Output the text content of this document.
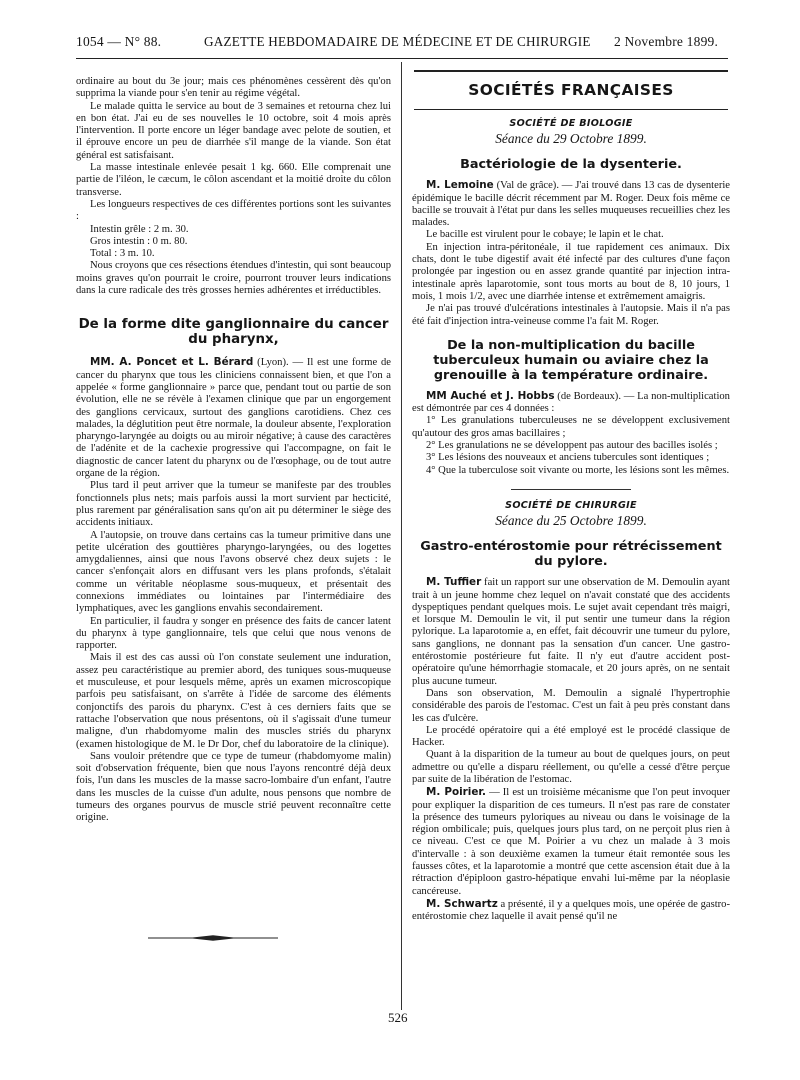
1054 — N° 88.	GAZETTE HEBDOMADAIRE DE MÉDECINE ET DE CHIRURGIE 2 Novembre 1899.

ordinaire au bout du 3e jour; mais ces phénomènes cessèrent dès qu'on supprima la viande pour s'en tenir au régime végétal.

Le malade quitta le service au bout de 3 semaines et retourna chez lui en bon état. J'ai eu de ses nouvelles le 10 octobre, soit 4 mois après l'intervention. Il porte encore un léger bandage avec pelote de soutien, et il éprouve encore un peu de diarrhée s'il mange de la viande. Son état général est satisfaisant.

La masse intestinale enlevée pesait 1 kg. 660. Elle comprenait une partie de l'iléon, le cæcum, le côlon ascendant et la moitié droite du côlon transverse.

Les longueurs respectives de ces différentes portions sont les suivantes :

Intestin grêle : 2 m. 30.

Gros intestin : 0 m. 80.

Total : 3 m. 10.

Nous croyons que ces résections étendues d'intestin, qui sont beaucoup moins graves qu'on pourrait le croire, pourront trouver leurs indications dans la cure radicale des très grosses hernies adhérentes et irréductibles.

De la forme dite ganglionnaire du cancer du pharynx,

MM. A. Poncet et L. Bérard (Lyon). — Il est une forme de cancer du pharynx que tous les cliniciens connaissent bien, et que l'on a appelée « forme ganglionnaire » parce que, pendant tout ou partie de son évolution, elle ne se révèle à l'examen clinique que par un engorgement des ganglions cervicaux, surtout des ganglions carotidiens. Chez ces malades, la déglutition peut être normale, la douleur absente, l'exploration pharyngo-laryngée au doigts ou au miroir négative; à cause des caractères de l'adénite et de la cachexie progressive qui l'accompagne, on fait le diagnostic de cancer latent du pharynx ou de l'œsophage, ou de tout autre organe de la région.

Plus tard il peut arriver que la tumeur se manifeste par des troubles fonctionnels plus nets; mais parfois aussi la mort survient par hecticité, plus rarement par généralisation sans qu'on ait pu déterminer le siège des accidents initiaux.

A l'autopsie, on trouve dans certains cas la tumeur primitive dans une petite ulcération des gouttières pharyngo-laryngées, ou des logettes amygdaliennes, ainsi que nous l'avons observé chez deux sujets : le cancer s'enfonçait alors en diffusant vers les plans profonds, s'étalait comme un véritable néoplasme sous-muqueux, et présentait des connexions immédiates ou lointaines par l'intermédiaire des lymphatiques, avec les ganglions envahis secondairement.

En particulier, il faudra y songer en présence des faits de cancer latent du pharynx à type ganglionnaire, tels que celui que nous venons de rapporter.

Mais il est des cas aussi où l'on constate seulement une induration, assez peu caractéristique au premier abord, des tuniques sous-muqueuse et musculeuse, et pour lesquels même, après un examen microscopique parfois peu satisfaisant, on s'arrête à l'idée de sarcome des éléments conjonctifs des parois du pharynx. C'est à ces derniers faits que se rattache l'observation que nous présentons, où il s'agissait d'une tumeur maligne, d'un rhabdomyome malin des muscles striés du pharynx (examen histologique de M. le Dr Dor, chef du laboratoire de la clinique).

Sans vouloir prétendre que ce type de tumeur (rhabdomyome malin) soit d'observation fréquente, bien que nous l'ayons rencontré déjà deux fois, l'un dans les muscles de la masse sacro-lombaire d'un enfant, l'autre dans les muscles de la cuisse d'un adulte, nous pensons que nombre de tumeurs des organes pourvus de muscle strié peuvent reconnaître cette origine.

SOCIÉTÉS FRANÇAISES
SOCIÉTÉ DE BIOLOGIE
Séance du 29 Octobre 1899.
Bactériologie de la dysenterie.

M. Lemoine (Val de grâce). — J'ai trouvé dans 13 cas de dysenterie épidémique le bacille décrit récemment par M. Roger. Deux fois même ce bacille se trouvait à l'état pur dans les selles muqueuses recueillies chez les malades.

Le bacille est virulent pour le cobaye; le lapin et le chat.

En injection intra-péritonéale, il tue rapidement ces animaux. Dix chats, dont le tube digestif avait été infecté par des cultures d'une façon prolongée par ingestion ou en assez grande quantité par injection intra-intestinale après laparotomie, sont tous morts au bout de 8, 10 jours, 1 mois, 1 mois 1/2, avec une diarrhée intense et extrêmement amaigris.

Je n'ai pas trouvé d'ulcérations intestinales à l'autopsie. Mais il n'a pas été fait d'injection intra-veineuse comme l'a fait M. Roger.

De la non-multiplication du bacille tuberculeux humain ou aviaire chez la grenouille à la température ordinaire.

MM Auché et J. Hobbs (de Bordeaux). — La non-multiplication est démontrée par ces 4 données :

1° Les granulations tuberculeuses ne se développent exclusivement qu'autour des gros amas bacillaires ;

2° Les granulations ne se développent pas autour des bacilles isolés ;

3° Les lésions des nouveaux et anciens tubercules sont identiques ;

4° Que la tuberculose soit vivante ou morte, les lésions sont les mêmes.

SOCIÉTÉ DE CHIRURGIE
Séance du 25 Octobre 1899.
Gastro-entérostomie pour rétrécissement du pylore.

M. Tuffier fait un rapport sur une observation de M. Demoulin ayant trait à un jeune homme chez lequel on n'avait constaté que des accidents dyspeptiques pendant quelques mois. Le sujet avait cependant très maigri, et lorsque M. Demoulin le vit, il put sentir une tumeur dans la région pylorique. La laparotomie a, en effet, fait découvrir une tumeur du pylore, sans ganglions, ne donnant pas la sensation d'un cancer. Une gastro-entérostomie postérieure fut faite. Il n'y eut d'autre accident post-opératoire qu'une hémorrhagie stomacale, et 20 jours après, on ne sentait plus aucune tumeur.

Dans son observation, M. Demoulin a signalé l'hypertrophie considérable des parois de l'estomac. C'est un fait à peu près constant dans les cas d'ulcère.

Le procédé opératoire qui a été employé est le procédé classique de Hacker.

Quant à la disparition de la tumeur au bout de quelques jours, on peut admettre ou qu'elle a disparu réellement, ou qu'elle a cessé d'être perçue par suite de la libération de l'estomac.

M. Poirier. — Il est un troisième mécanisme que l'on peut invoquer pour expliquer la disparition de ces tumeurs. Il n'est pas rare de constater la présence des tumeurs pyloriques au niveau ou dans le voisinage de la région ombilicale; puis, quelques jours plus tard, on ne perçoit plus rien à ce niveau. C'est ce que M. Poirier a vu chez un malade à 3 mois d'intervalle : à son deuxième examen la tumeur était remontée sous les fausses côtes, et la laparotomie a montré que cette ascension était due à la rétraction d'épiploon gastro-hépatique envahi lui-même par la néoplasie cancéreuse.

M. Schwartz a présenté, il y a quelques mois, une opérée de gastro-entérostomie chez laquelle il avait pensé qu'il ne

526
